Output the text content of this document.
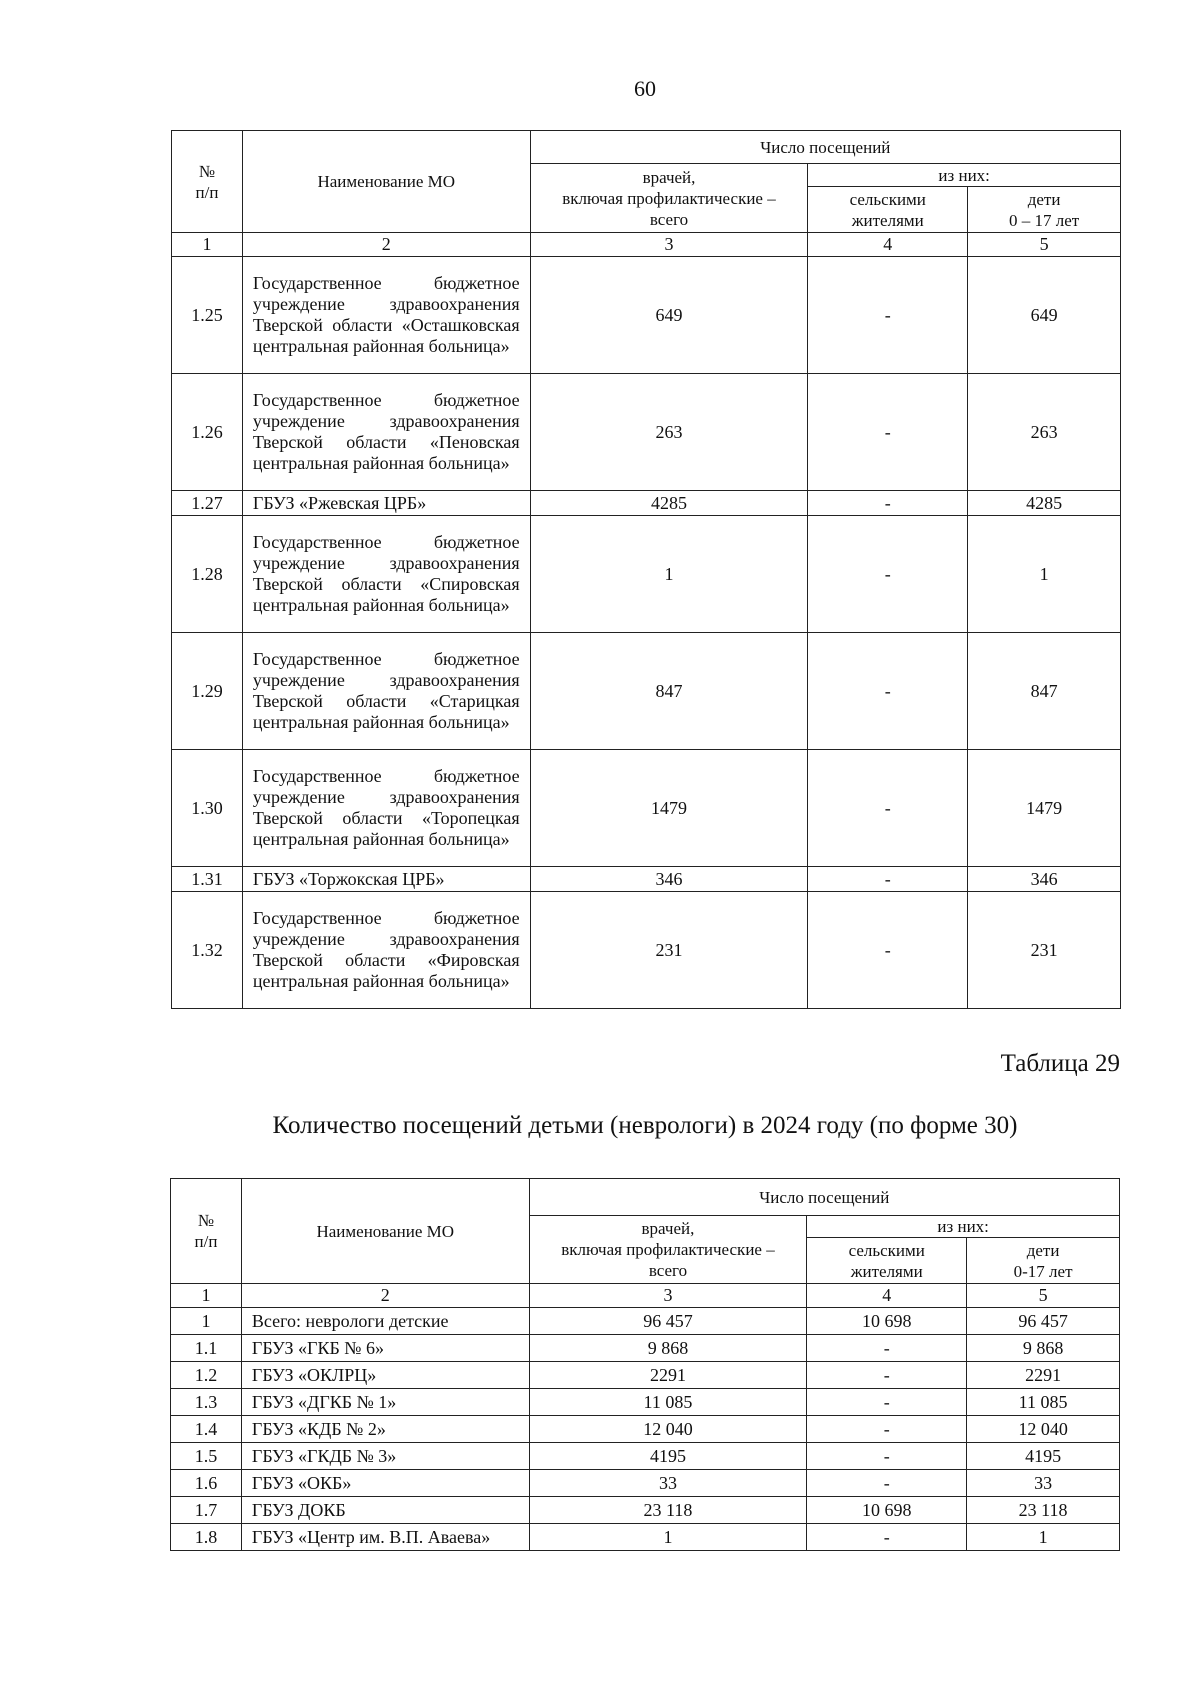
60
№
п/п	Наименование МО	Число посещений		
		врачей,
включая профилактические –
всего	из них:	
			сельскими
жителями	дети
0 – 17 лет
1	2	3	4	5
1.25	Государственное бюджетное учреждение здравоохранения Тверской области «Осташковская центральная районная больница»	649	-	649
1.26	Государственное бюджетное учреждение здравоохранения Тверской области «Пеновская центральная районная больница»	263	-	263
1.27	ГБУЗ «Ржевская ЦРБ»	4285	-	4285
1.28	Государственное бюджетное учреждение здравоохранения Тверской области «Спировская центральная районная больница»	1	-	1
1.29	Государственное бюджетное учреждение здравоохранения Тверской области «Старицкая центральная районная больница»	847	-	847
1.30	Государственное бюджетное учреждение здравоохранения Тверской области «Торопецкая центральная районная больница»	1479	-	1479
1.31	ГБУЗ «Торжокская ЦРБ»	346	-	346
1.32	Государственное бюджетное учреждение здравоохранения Тверской области «Фировская центральная районная больница»	231	-	231
Таблица 29
Количество посещений детьми (неврологи) в 2024 году (по форме 30)
№
п/п	Наименование МО	Число посещений		
		врачей,
включая профилактические –
всего	из них:	
			сельскими
жителями	дети
0-17 лет
1	2	3	4	5
1	Всего: неврологи детские	96 457	10 698	96 457
1.1	ГБУЗ «ГКБ № 6»	9 868	-	9 868
1.2	ГБУЗ «ОКЛРЦ»	2291	-	2291
1.3	ГБУЗ «ДГКБ № 1»	11 085	-	11 085
1.4	ГБУЗ «КДБ № 2»	12 040	-	12 040
1.5	ГБУЗ «ГКДБ № 3»	4195	-	4195
1.6	ГБУЗ «ОКБ»	33	-	33
1.7	ГБУЗ ДОКБ	23 118	10 698	23 118
1.8	ГБУЗ «Центр им. В.П. Аваева»	1	-	1
